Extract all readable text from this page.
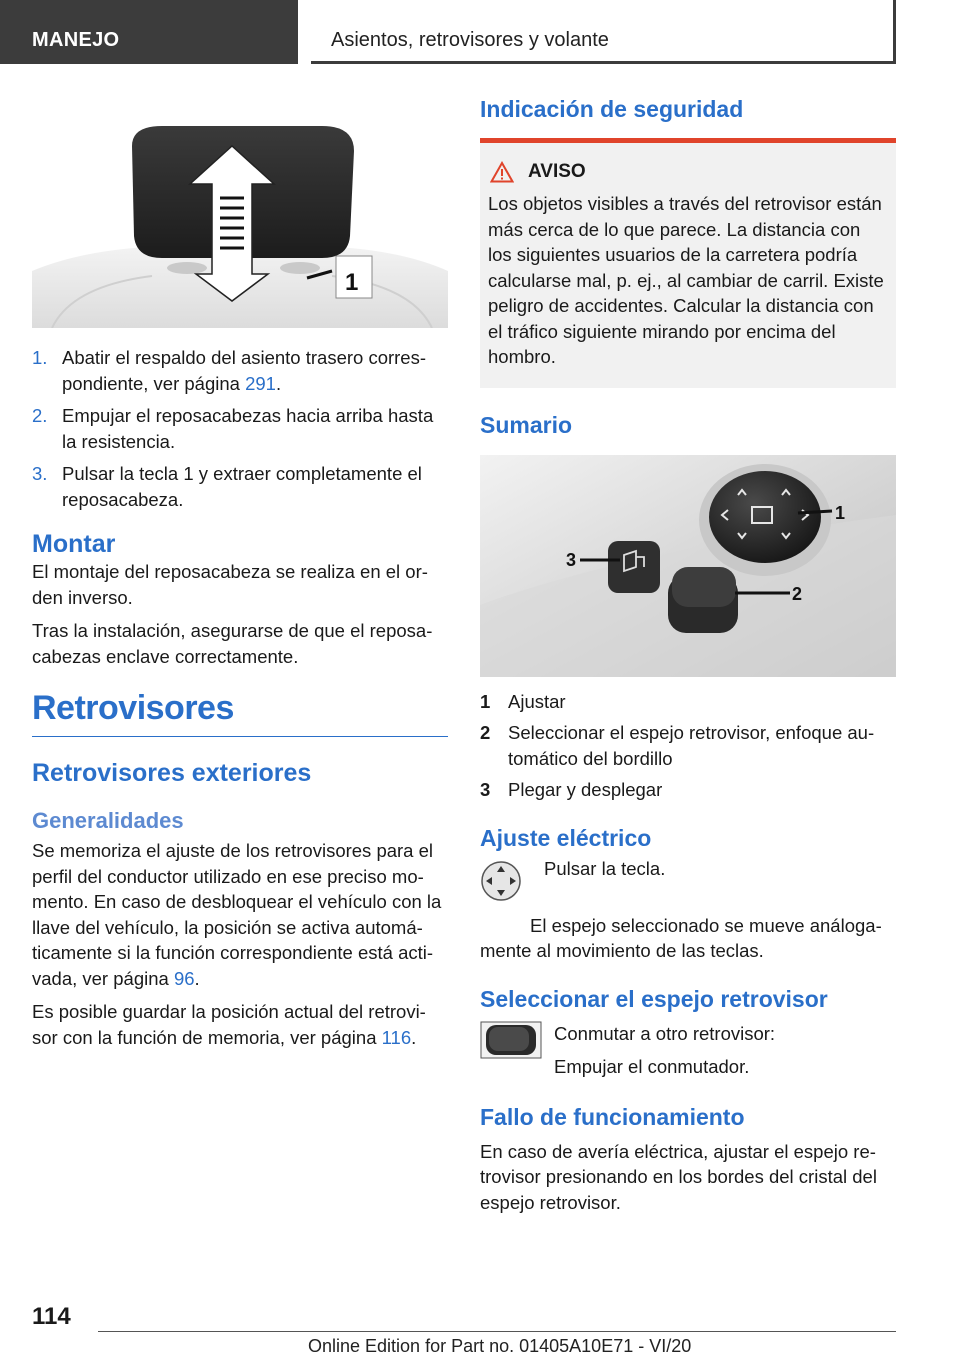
MANEJO	Asientos, retrovisores y volante
1
1. Abatir el respaldo del asiento trasero corres‐pondiente, ver página 291.
2. Empujar el reposacabezas hacia arriba hasta la resistencia.
3. Pulsar la tecla 1 y extraer completamente el reposacabeza.
Montar

El montaje del reposacabeza se realiza en el or‐den inverso.

Tras la instalación, asegurarse de que el reposa‐cabezas enclave correctamente.

Retrovisores
Retrovisores exteriores
Generalidades

Se memoriza el ajuste de los retrovisores para el perfil del conductor utilizado en ese preciso mo‐mento. En caso de desbloquear el vehículo con la llave del vehículo, la posición se activa automá‐ticamente si la función correspondiente está acti‐vada, ver página 96.

Es posible guardar la posición actual del retrovi‐sor con la función de memoria, ver página 116.

Indicación de seguridad
AVISO

Los objetos visibles a través del retrovisor están más cerca de lo que parece. La distancia con los siguientes usuarios de la carretera podría calcularse mal, p. ej., al cambiar de carril. Existe peligro de accidentes. Calcular la distancia con el tráfico siguiente mirando por encima del hombro.

Sumario
1
2
3
1 Ajustar
2 Seleccionar el espejo retrovisor, enfoque au‐tomático del bordillo
3 Plegar y desplegar
Ajuste eléctrico

Pulsar la tecla.

El espejo seleccionado se mueve análoga‐mente al movimiento de las teclas.

Seleccionar el espejo retrovisor

Conmutar a otro retrovisor:

Empujar el conmutador.

Fallo de funcionamiento

En caso de avería eléctrica, ajustar el espejo re‐trovisor presionando en los bordes del cristal del espejo retrovisor.

114
Online Edition for Part no. 01405A10E71 - VI/20
